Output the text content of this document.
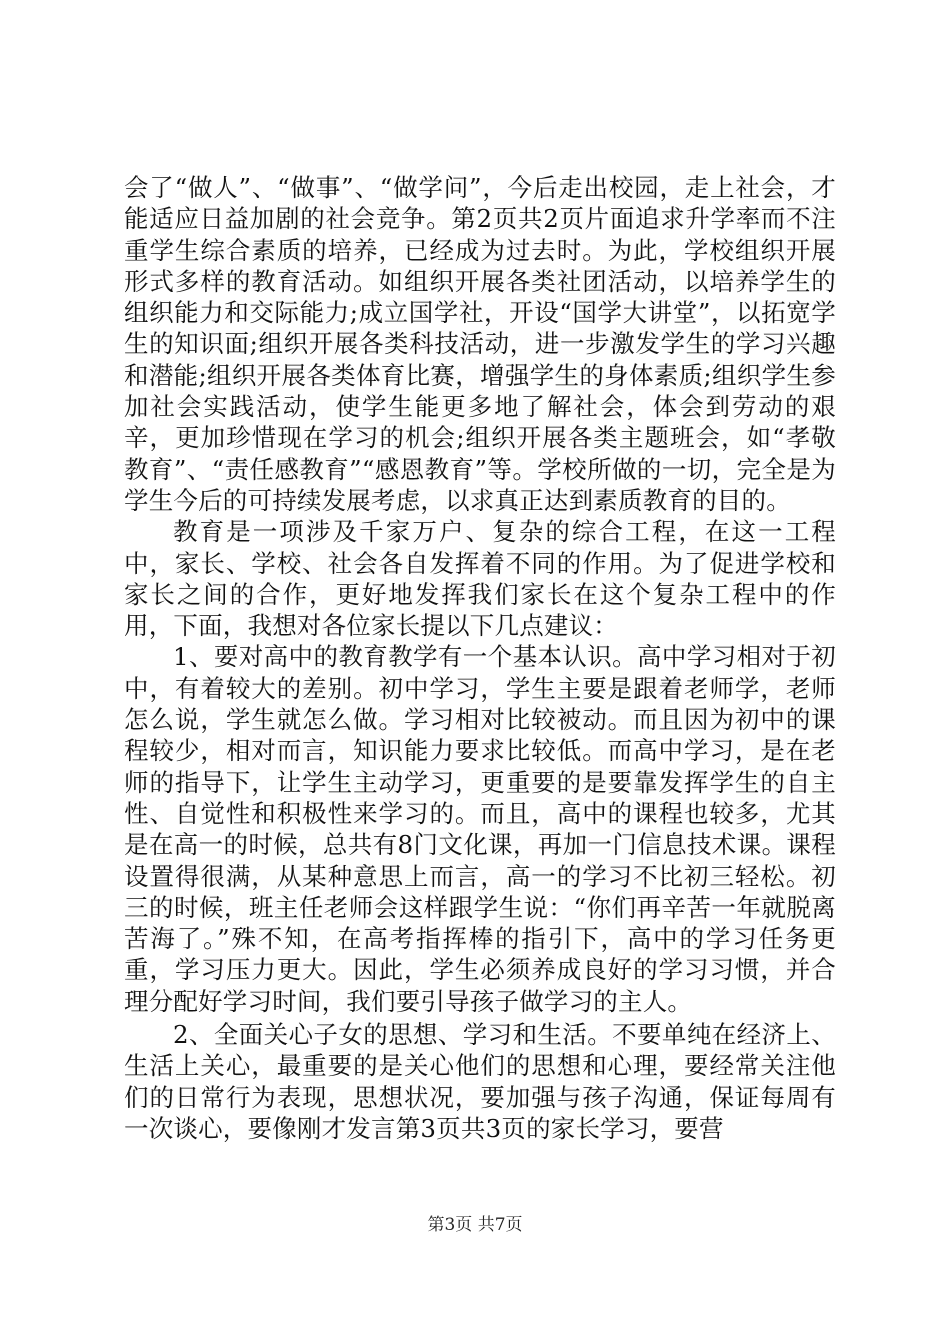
会了“做人”、“做事”、“做学问”，今后走出校园，走上社会，才能适应日益加剧的社会竞争。第2页共2页片面追求升学率而不注重学生综合素质的培养，已经成为过去时。为此，学校组织开展形式多样的教育活动。如组织开展各类社团活动，以培养学生的组织能力和交际能力;成立国学社，开设“国学大讲堂”，以拓宽学生的知识面;组织开展各类科技活动，进一步激发学生的学习兴趣和潜能;组织开展各类体育比赛，增强学生的身体素质;组织学生参加社会实践活动，使学生能更多地了解社会，体会到劳动的艰辛，更加珍惜现在学习的机会;组织开展各类主题班会，如“孝敬教育”、“责任感教育”“感恩教育”等。学校所做的一切，完全是为学生今后的可持续发展考虑，以求真正达到素质教育的目的。

教育是一项涉及千家万户、复杂的综合工程，在这一工程中，家长、学校、社会各自发挥着不同的作用。为了促进学校和家长之间的合作，更好地发挥我们家长在这个复杂工程中的作用，下面，我想对各位家长提以下几点建议：

1、要对高中的教育教学有一个基本认识。高中学习相对于初中，有着较大的差别。初中学习，学生主要是跟着老师学，老师怎么说，学生就怎么做。学习相对比较被动。而且因为初中的课程较少，相对而言，知识能力要求比较低。而高中学习，是在老师的指导下，让学生主动学习，更重要的是要靠发挥学生的自主性、自觉性和积极性来学习的。而且，高中的课程也较多，尤其是在高一的时候，总共有8门文化课，再加一门信息技术课。课程设置得很满，从某种意思上而言，高一的学习不比初三轻松。初三的时候，班主任老师会这样跟学生说：“你们再辛苦一年就脱离苦海了。”殊不知，在高考指挥棒的指引下，高中的学习任务更重，学习压力更大。因此，学生必须养成良好的学习习惯，并合理分配好学习时间，我们要引导孩子做学习的主人。

2、全面关心子女的思想、学习和生活。不要单纯在经济上、生活上关心，最重要的是关心他们的思想和心理，要经常关注他们的日常行为表现，思想状况，要加强与孩子沟通，保证每周有一次谈心，要像刚才发言第3页共3页的家长学习，要营

第3页 共7页
